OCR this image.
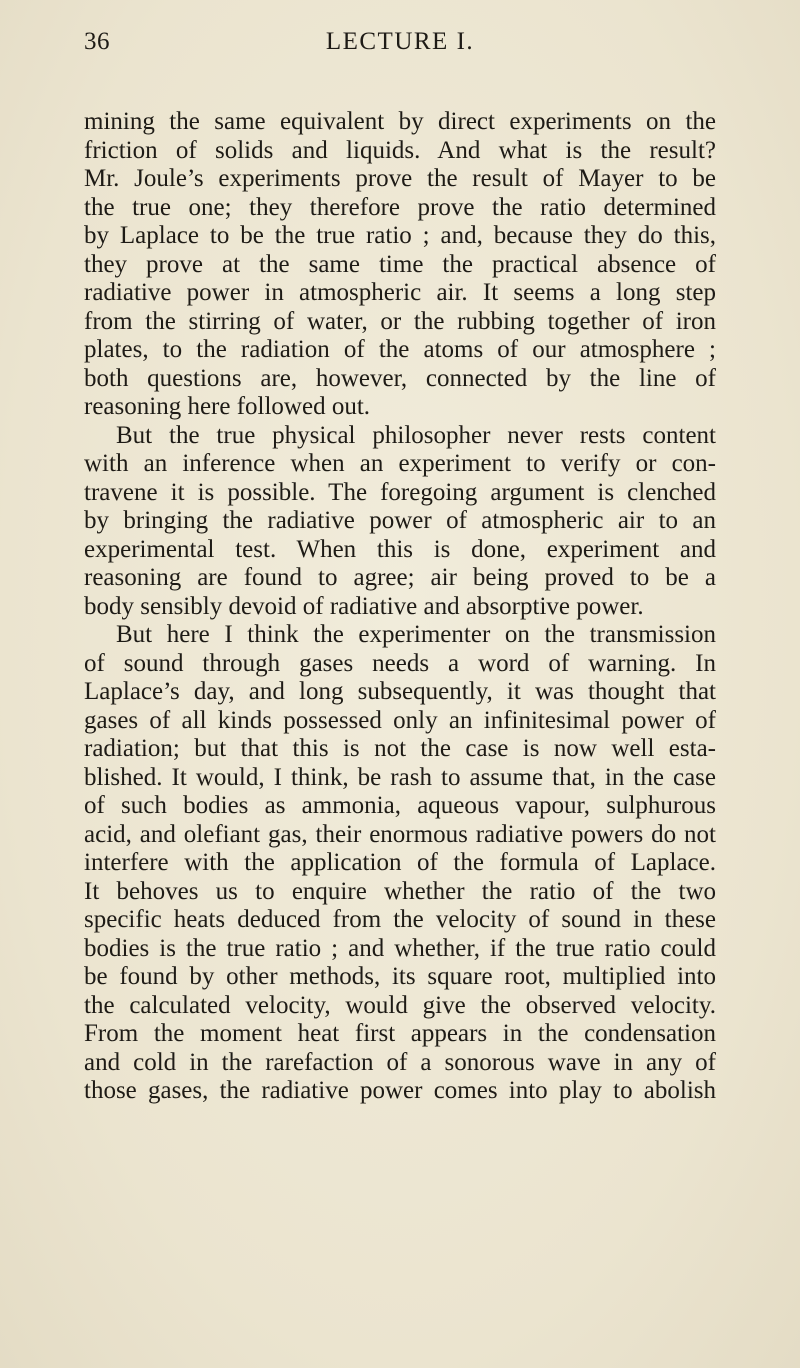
36	LECTURE I.
mining the same equivalent by direct experiments on the
friction of solids and liquids. And what is the result?
Mr. Joule’s experiments prove the result of Mayer to be
the true one; they therefore prove the ratio determined
by Laplace to be the true ratio ; and, because they do this,
they prove at the same time the practical absence of
radiative power in atmospheric air. It seems a long step
from the stirring of water, or the rubbing together of iron
plates, to the radiation of the atoms of our atmosphere ;
both questions are, however, connected by the line of
reasoning here followed out.
But the true physical philosopher never rests content
with an inference when an experiment to verify or con-
travene it is possible. The foregoing argument is clenched
by bringing the radiative power of atmospheric air to an
experimental test. When this is done, experiment and
reasoning are found to agree; air being proved to be a
body sensibly devoid of radiative and absorptive power.
But here I think the experimenter on the transmission
of sound through gases needs a word of warning. In
Laplace’s day, and long subsequently, it was thought that
gases of all kinds possessed only an infinitesimal power of
radiation; but that this is not the case is now well esta-
blished. It would, I think, be rash to assume that, in the case
of such bodies as ammonia, aqueous vapour, sulphurous
acid, and olefiant gas, their enormous radiative powers do not
interfere with the application of the formula of Laplace.
It behoves us to enquire whether the ratio of the two
specific heats deduced from the velocity of sound in these
bodies is the true ratio ; and whether, if the true ratio could
be found by other methods, its square root, multiplied into
the calculated velocity, would give the observed velocity.
From the moment heat first appears in the condensation
and cold in the rarefaction of a sonorous wave in any of
those gases, the radiative power comes into play to abolish
